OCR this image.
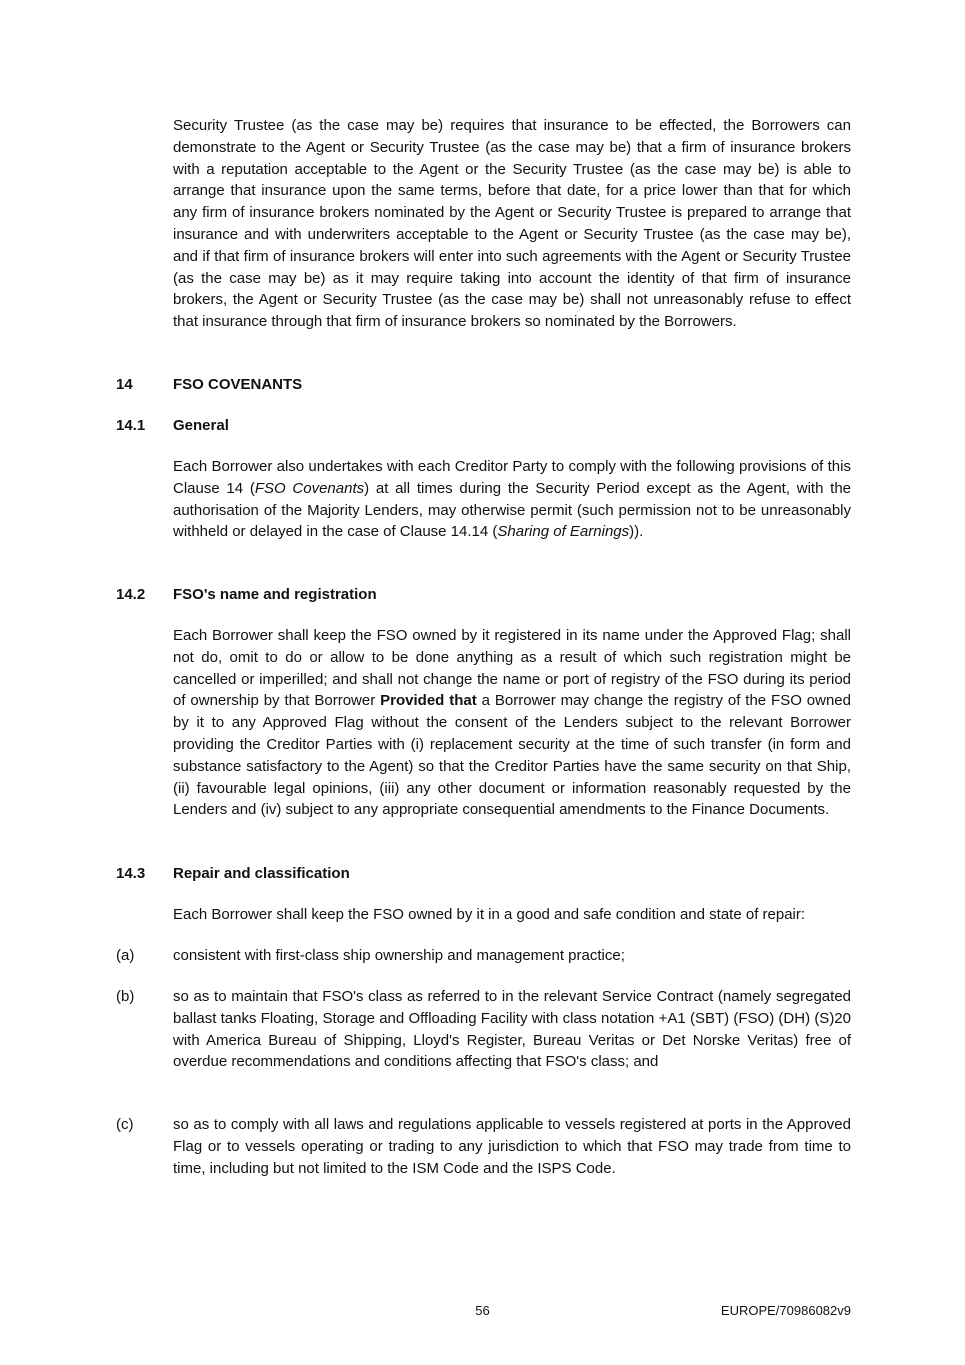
Security Trustee (as the case may be) requires that insurance to be effected, the Borrowers can demonstrate to the Agent or Security Trustee (as the case may be) that a firm of insurance brokers with a reputation acceptable to the Agent or the Security Trustee (as the case may be) is able to arrange that insurance upon the same terms, before that date, for a price lower than that for which any firm of insurance brokers nominated by the Agent or Security Trustee is prepared to arrange that insurance and with underwriters acceptable to the Agent or Security Trustee (as the case may be), and if that firm of insurance brokers will enter into such agreements with the Agent or Security Trustee (as the case may be) as it may require taking into account the identity of that firm of insurance brokers, the Agent or Security Trustee (as the case may be) shall not unreasonably refuse to effect that insurance through that firm of insurance brokers so nominated by the Borrowers.
14	FSO COVENANTS
14.1 General
Each Borrower also undertakes with each Creditor Party to comply with the following provisions of this Clause 14 (FSO Covenants) at all times during the Security Period except as the Agent, with the authorisation of the Majority Lenders, may otherwise permit (such permission not to be unreasonably withheld or delayed in the case of Clause 14.14 (Sharing of Earnings)).
14.2 FSO's name and registration
Each Borrower shall keep the FSO owned by it registered in its name under the Approved Flag; shall not do, omit to do or allow to be done anything as a result of which such registration might be cancelled or imperilled; and shall not change the name or port of registry of the FSO during its period of ownership by that Borrower Provided that a Borrower may change the registry of the FSO owned by it to any Approved Flag without the consent of the Lenders subject to the relevant Borrower providing the Creditor Parties with (i) replacement security at the time of such transfer (in form and substance satisfactory to the Agent) so that the Creditor Parties have the same security on that Ship, (ii) favourable legal opinions, (iii) any other document or information reasonably requested by the Lenders and (iv) subject to any appropriate consequential amendments to the Finance Documents.
14.3 Repair and classification
Each Borrower shall keep the FSO owned by it in a good and safe condition and state of repair:
(a)	consistent with first-class ship ownership and management practice;
(b)	so as to maintain that FSO's class as referred to in the relevant Service Contract (namely segregated ballast tanks Floating, Storage and Offloading Facility with class notation +A1 (SBT) (FSO) (DH) (S)20 with America Bureau of Shipping, Lloyd's Register, Bureau Veritas or Det Norske Veritas) free of overdue recommendations and conditions affecting that FSO's class; and
(c)	so as to comply with all laws and regulations applicable to vessels registered at ports in the Approved Flag or to vessels operating or trading to any jurisdiction to which that FSO may trade from time to time, including but not limited to the ISM Code and the ISPS Code.
56	EUROPE/70986082v9
